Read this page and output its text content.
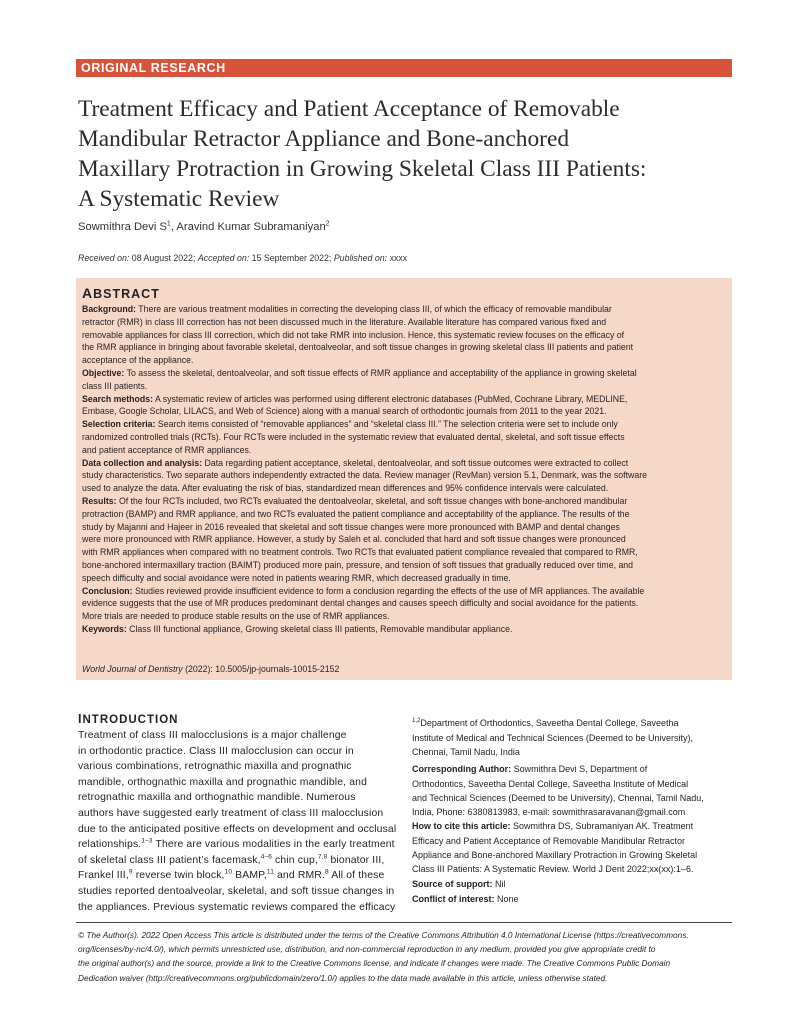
ORIGINAL RESEARCH
Treatment Efficacy and Patient Acceptance of Removable
Mandibular Retractor Appliance and Bone-anchored
Maxillary Protraction in Growing Skeletal Class III Patients:
A Systematic Review
Sowmithra Devi $S^1$, Aravind Kumar Subramaniyan$^2$
Received on: 08 August 2022; Accepted on: 15 September 2022; Published on: xxxx
ABSTRACT
Background: There are various treatment modalities in correcting the developing class III, of which the efficacy of removable mandibular
retractor (RMR) in class III correction has not been discussed much in the literature. Available literature has compared various fixed and
removable appliances for class III correction, which did not take RMR into inclusion. Hence, this systematic review focuses on the efficacy of
the RMR appliance in bringing about favorable skeletal, dentoalveolar, and soft tissue changes in growing skeletal class III patients and patient
acceptance of the appliance.
Objective: To assess the skeletal, dentoalveolar, and soft tissue effects of RMR appliance and acceptability of the appliance in growing skeletal
class III patients.
Search methods: A systematic review of articles was performed using different electronic databases (PubMed, Cochrane Library, MEDLINE,
Embase, Google Scholar, LILACS, and Web of Science) along with a manual search of orthodontic journals from 2011 to the year 2021.
Selection criteria: Search items consisted of “removable appliances” and “skeletal class III.” The selection criteria were set to include only
randomized controlled trials (RCTs). Four RCTs were included in the systematic review that evaluated dental, skeletal, and soft tissue effects
and patient acceptance of RMR appliances.
Data collection and analysis: Data regarding patient acceptance, skeletal, dentoalveolar, and soft tissue outcomes were extracted to collect
study characteristics. Two separate authors independently extracted the data. Review manager (RevMan) version 5.1, Denmark, was the software
used to analyze the data. After evaluating the risk of bias, standardized mean differences and 95% confidence intervals were calculated.
Results: Of the four RCTs included, two RCTs evaluated the dentoalveolar, skeletal, and soft tissue changes with bone-anchored mandibular
protraction (BAMP) and RMR appliance, and two RCTs evaluated the patient compliance and acceptability of the appliance. The results of the
study by Majanni and Hajeer in 2016 revealed that skeletal and soft tissue changes were more pronounced with BAMP and dental changes
were more pronounced with RMR appliance. However, a study by Saleh et al. concluded that hard and soft tissue changes were pronounced
with RMR appliances when compared with no treatment controls. Two RCTs that evaluated patient compliance revealed that compared to RMR,
bone-anchored intermaxillary traction (BAIMT) produced more pain, pressure, and tension of soft tissues that gradually reduced over time, and
speech difficulty and social avoidance were noted in patients wearing RMR, which decreased gradually in time.
Conclusion: Studies reviewed provide insufficient evidence to form a conclusion regarding the effects of the use of MR appliances. The available
evidence suggests that the use of MR produces predominant dental changes and causes speech difficulty and social avoidance for the patients.
More trials are needed to produce stable results on the use of RMR appliances.
Keywords: Class III functional appliance, Growing skeletal class III patients, Removable mandibular appliance.
World Journal of Dentistry (2022): 10.5005/jp-journals-10015-2152
INTRODUCTION
Treatment of class III malocclusions is a major challenge
in orthodontic practice. Class III malocclusion can occur in
various combinations, retrognathic maxilla and prognathic
mandible, orthognathic maxilla and prognathic mandible, and
retrognathic maxilla and orthognathic mandible. Numerous
authors have suggested early treatment of class III malocclusion
due to the anticipated positive effects on development and occlusal
relationships.$^{1-3}$ There are various modalities in the early treatment
of skeletal class III patient’s facemask,$^{4-6}$ chin cup,$^{7,8}$ bionator III,
Frankel III,$^9$ reverse twin block,$^{10}$ BAMP,$^{11}$ and RMR.$^8$ All of these
studies reported dentoalveolar, skeletal, and soft tissue changes in
the appliances. Previous systematic reviews compared the efficacy
$^{1,2}$Department of Orthodontics, Saveetha Dental College, Saveetha
Institute of Medical and Technical Sciences (Deemed to be University),
Chennai, Tamil Nadu, India
Corresponding Author: Sowmithra Devi S, Department of
Orthodontics, Saveetha Dental College, Saveetha Institute of Medical
and Technical Sciences (Deemed to be University), Chennai, Tamil Nadu,
India, Phone: 6380813983, e-mail: sowmithrasaravanan@gmail.com
How to cite this article: Sowmithra DS, Subramaniyan AK. Treatment
Efficacy and Patient Acceptance of Removable Mandibular Retractor
Appliance and Bone-anchored Maxillary Protraction in Growing Skeletal
Class III Patients: A Systematic Review. World J Dent 2022;xx(xx):1–6.
Source of support: Nil
Conflict of interest: None
© The Author(s). 2022 Open Access This article is distributed under the terms of the Creative Commons Attribution 4.0 International License (https://creativecommons.
org/licenses/by-nc/4.0/), which permits unrestricted use, distribution, and non-commercial reproduction in any medium, provided you give appropriate credit to
the original author(s) and the source, provide a link to the Creative Commons license, and indicate if changes were made. The Creative Commons Public Domain
Dedication waiver (http://creativecommons.org/publicdomain/zero/1.0/) applies to the data made available in this article, unless otherwise stated.
